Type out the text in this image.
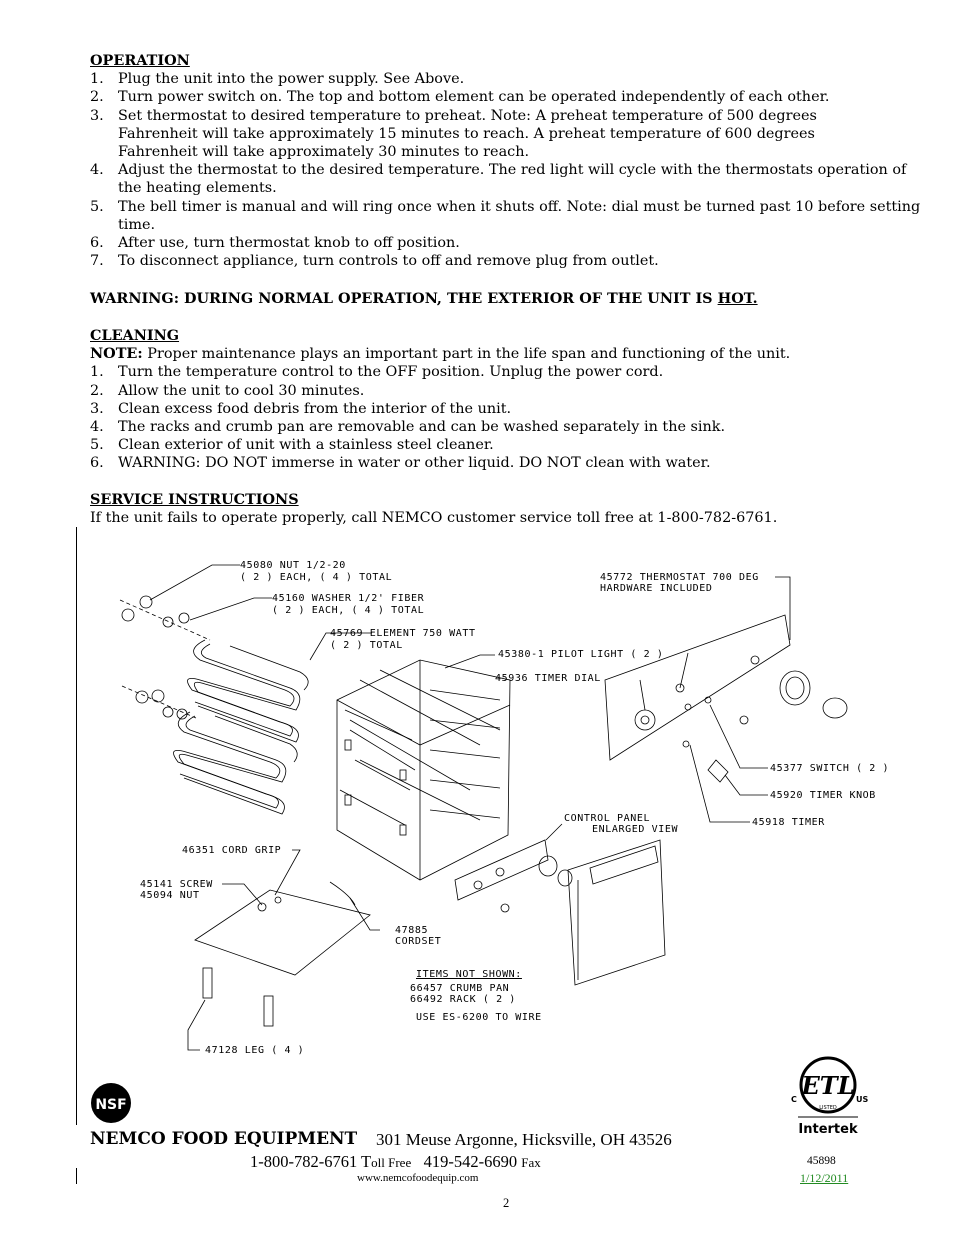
OPERATION
1. Plug the unit into the power supply. See Above.
2. Turn power switch on. The top and bottom element can be operated independently of each other.
3. Set thermostat to desired temperature to preheat. Note: A preheat temperature of 500 degrees Fahrenheit will take approximately 15 minutes to reach. A preheat temperature of 600 degrees Fahrenheit will take approximately 30 minutes to reach.
4. Adjust the thermostat to the desired temperature. The red light will cycle with the thermostats operation of the heating elements.
5. The bell timer is manual and will ring once when it shuts off. Note: dial must be turned past 10 before setting time.
6. After use, turn thermostat knob to off position.
7. To disconnect appliance, turn controls to off and remove plug from outlet.
WARNING: DURING NORMAL OPERATION, THE EXTERIOR OF THE UNIT IS HOT.
CLEANING
NOTE: Proper maintenance plays an important part in the life span and functioning of the unit.
1. Turn the temperature control to the OFF position. Unplug the power cord.
2. Allow the unit to cool 30 minutes.
3. Clean excess food debris from the interior of the unit.
4. The racks and crumb pan are removable and can be washed separately in the sink.
5. Clean exterior of unit with a stainless steel cleaner.
6. WARNING: DO NOT immerse in water or other liquid. DO NOT clean with water.
SERVICE INSTRUCTIONS
If the unit fails to operate properly, call NEMCO customer service toll free at 1-800-782-6761.
45080 NUT 1/2-20
( 2 ) EACH, ( 4 ) TOTAL
45160 WASHER 1/2' FIBER
( 2 ) EACH, ( 4 ) TOTAL
45769 ELEMENT 750 WATT
( 2 ) TOTAL
45772 THERMOSTAT 700 DEG
HARDWARE INCLUDED
45380-1 PILOT LIGHT ( 2 )
45936 TIMER DIAL
45377 SWITCH ( 2 )
45920 TIMER KNOB
45918 TIMER
CONTROL PANEL
ENLARGED VIEW
46351 CORD GRIP
45141 SCREW
45094 NUT
47885
CORDSET
ITEMS NOT SHOWN:
66457 CRUMB PAN
66492 RACK ( 2 )
USE ES-6200 TO WIRE
47128 LEG ( 4 )
NSF
ETL
C	US
LISTED
Intertek
NEMCO FOOD EQUIPMENT 301 Meuse Argonne, Hicksville, OH 43526
1-800-782-6761 Toll Free 419-542-6690 Fax
www.nemcofoodequip.com
45898
1/12/2011
2
